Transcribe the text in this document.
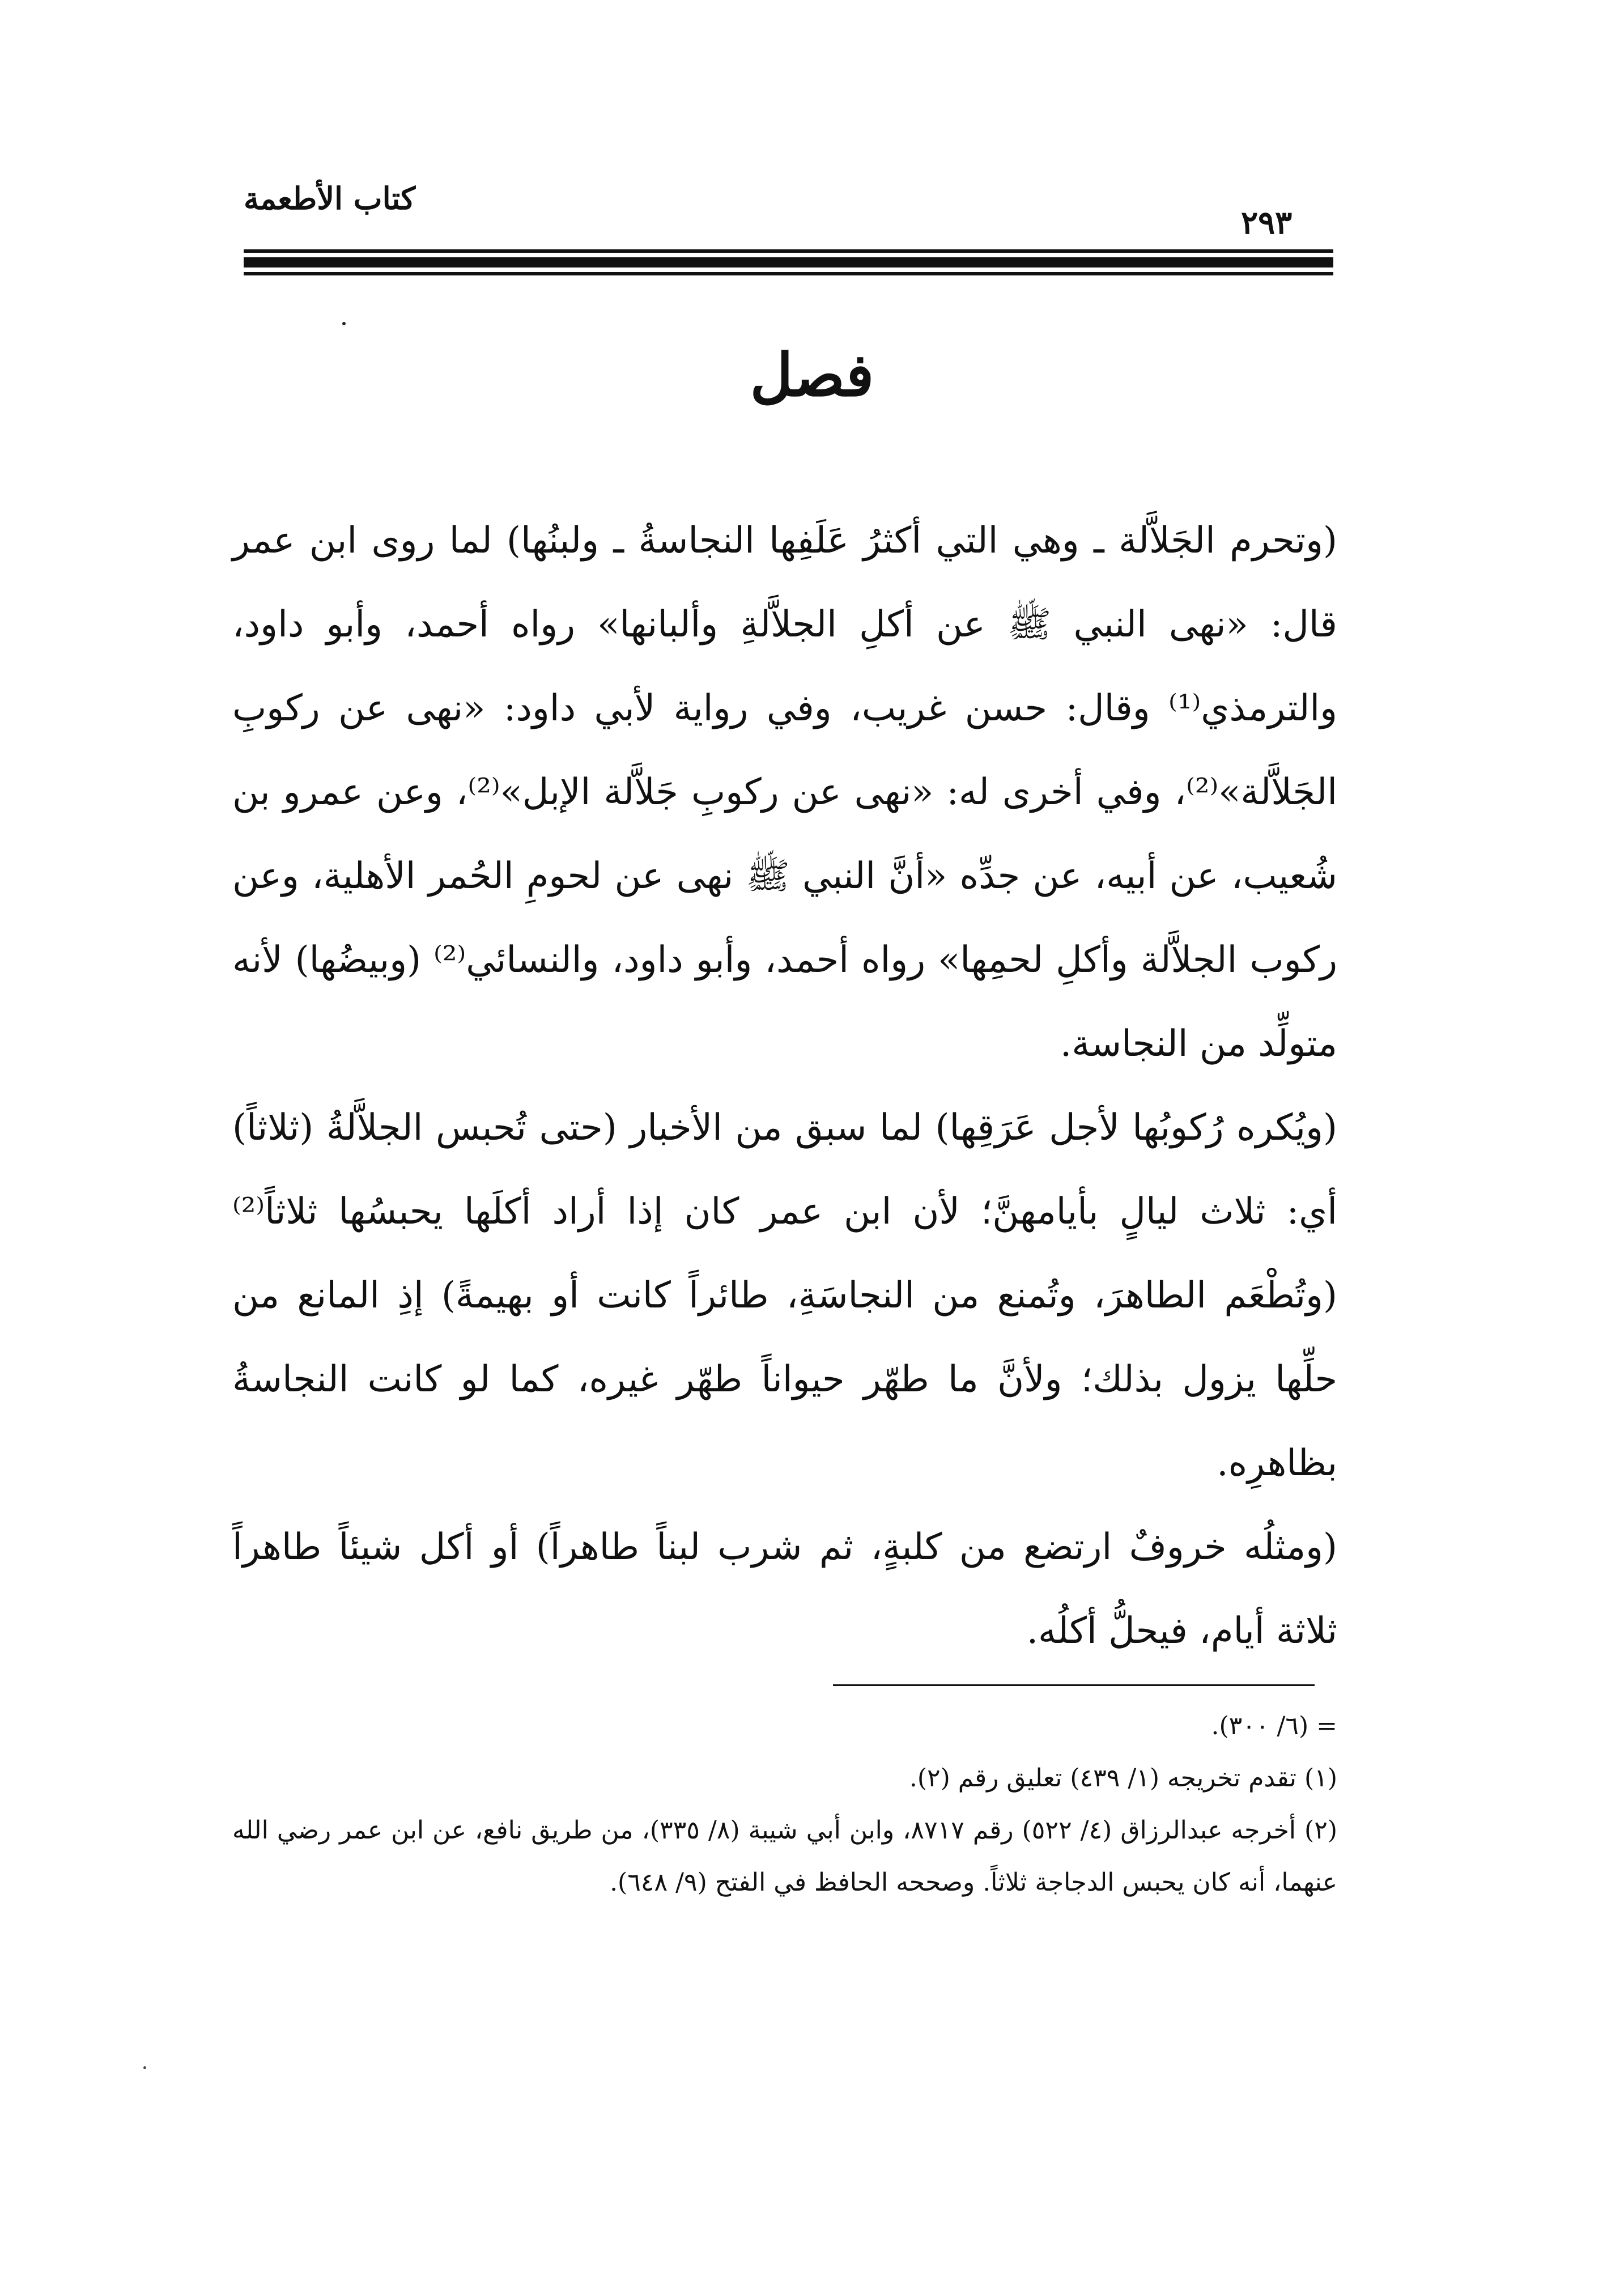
كتاب الأطعمة
٢٩٣
فصل

(وتحرم الجَلاَّلة ـ وهي التي أكثرُ عَلَفِها النجاسةُ ـ ولبنُها) لما روى ابن عمر قال: «نهى النبي ﷺ عن أكلِ الجلاَّلةِ وألبانها» رواه أحمد، وأبو داود، والترمذي⁽¹⁾ وقال: حسن غريب، وفي رواية لأبي داود: «نهى عن ركوبِ الجَلاَّلة»⁽²⁾، وفي أخرى له: «نهى عن ركوبِ جَلاَّلة الإبل»⁽²⁾، وعن عمرو بن شُعيب، عن أبيه، عن جدِّه «أنَّ النبي ﷺ نهى عن لحومِ الحُمر الأهلية، وعن ركوب الجلاَّلة وأكلِ لحمِها» رواه أحمد، وأبو داود، والنسائي⁽²⁾ (وبيضُها) لأنه متولِّد من النجاسة.

(ويُكره رُكوبُها لأجل عَرَقِها) لما سبق من الأخبار (حتى تُحبس الجلاَّلةُ (ثلاثاً) أي: ثلاث ليالٍ بأيامهنَّ؛ لأن ابن عمر كان إذا أراد أكلَها يحبسُها ثلاثاً⁽²⁾ (وتُطْعَم الطاهرَ، وتُمنع من النجاسَةِ، طائراً كانت أو بهيمةً) إذِ المانع من حلِّها يزول بذلك؛ ولأنَّ ما طهّر حيواناً طهّر غيره، كما لو كانت النجاسةُ بظاهرِه.

(ومثلُه خروفٌ ارتضع من كلبةٍ، ثم شرب لبناً طاهراً) أو أكل شيئاً طاهراً ثلاثة أيام، فيحلُّ أكلُه.

= (٦/ ٣٠٠).

(١) تقدم تخريجه (١/ ٤٣٩) تعليق رقم (٢).

(٢) أخرجه عبدالرزاق (٤/ ٥٢٢) رقم ٨٧١٧، وابن أبي شيبة (٨/ ٣٣٥)، من طريق نافع، عن ابن عمر رضي الله عنهما، أنه كان يحبس الدجاجة ثلاثاً. وصححه الحافظ في الفتح (٩/ ٦٤٨).
